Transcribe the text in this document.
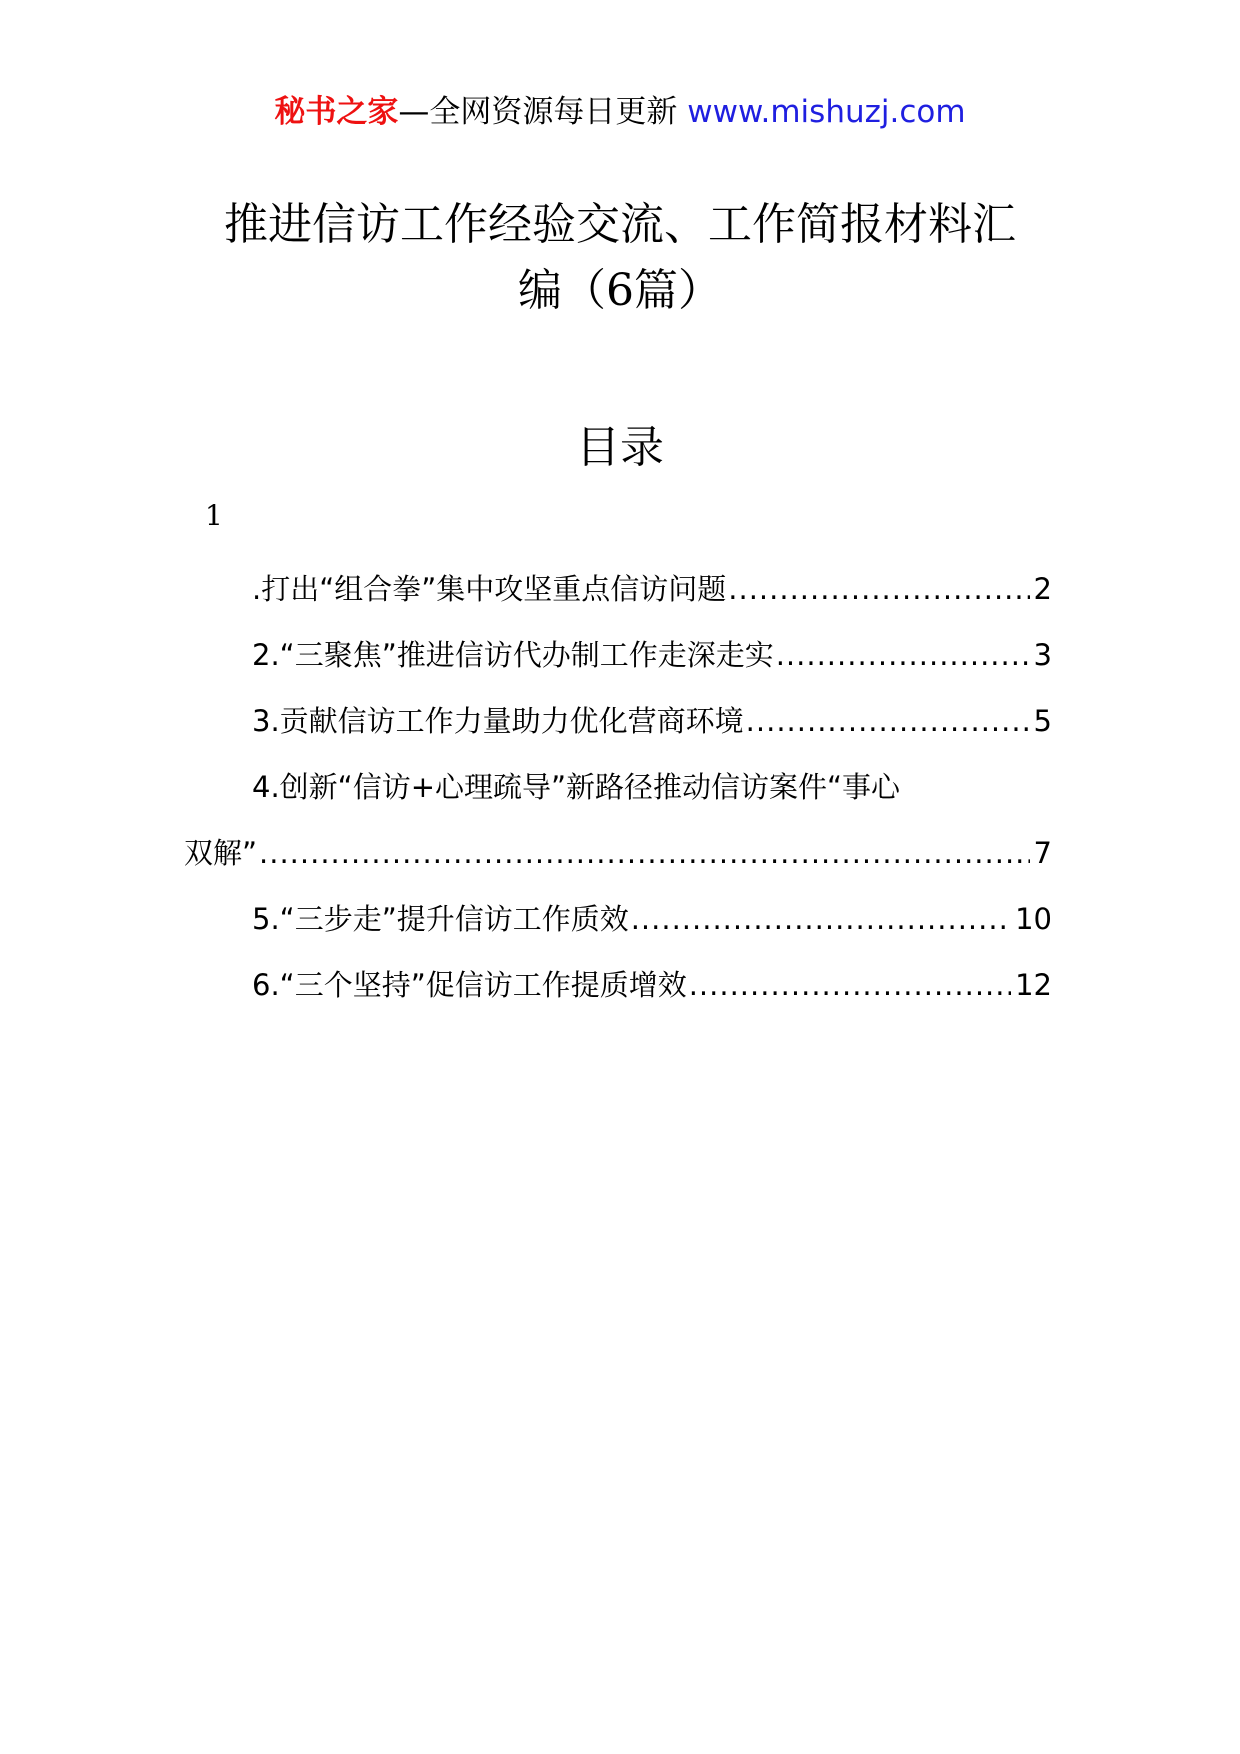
秘书之家—全网资源每日更新 www.mishuzj.com
推进信访工作经验交流、工作简报材料汇
编（6篇）
目录
1
.打出“组合拳”集中攻坚重点信访问题 .....	2
2.“三聚焦”推进信访代办制工作走深走实 .....	3
3.贡献信访工作力量助力优化营商环境 .....	5
4.创新“信访+心理疏导”新路径推动信访案件“事心
双解” .....	7
5.“三步走”提升信访工作质效 .....	10
6.“三个坚持”促信访工作提质增效 .....	12
